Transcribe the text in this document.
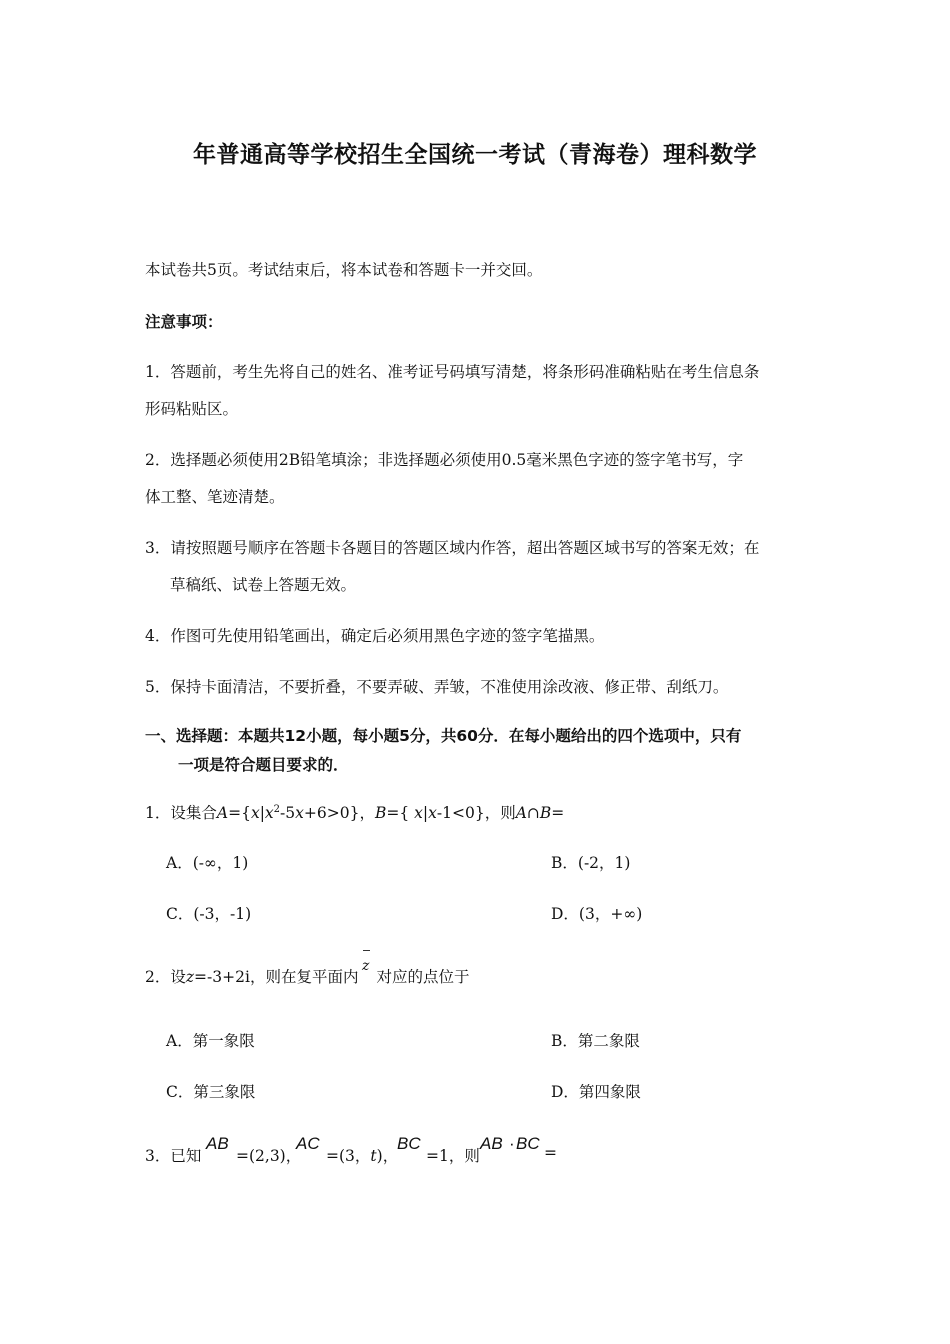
年普通高等学校招生全国统一考试（青海卷）理科数学
本试卷共5页。考试结束后，将本试卷和答题卡一并交回。
注意事项：
1．答题前，考生先将自己的姓名、准考证号码填写清楚，将条形码准确粘贴在考生信息条
形码粘贴区。
2．选择题必须使用2B铅笔填涂；非选择题必须使用0.5毫米黑色字迹的签字笔书写，字
体工整、笔迹清楚。
3．请按照题号顺序在答题卡各题目的答题区域内作答，超出答题区域书写的答案无效；在
草稿纸、试卷上答题无效。
4．作图可先使用铅笔画出，确定后必须用黑色字迹的签字笔描黑。
5．保持卡面清洁，不要折叠，不要弄破、弄皱，不准使用涂改液、修正带、刮纸刀。
一、选择题：本题共12小题，每小题5分，共60分．在每小题给出的四个选项中，只有
一项是符合题目要求的．
1．设集合$A=\{x|x^2-5x+6>0\}$，B={ x|x-1<0}，则A∩B=
A．(-∞，1)	B．(-2，1)
C．(-3，-1)	D．(3，+∞)
2．设z=-3+2i，则在复平面内 对应的点位于
z
A．第一象限	B．第二象限
C．第三象限	D．第四象限
3．已知
AB
=(2,3)，
AC
=(3，t)，
BC
=1，则
AB · BC =
